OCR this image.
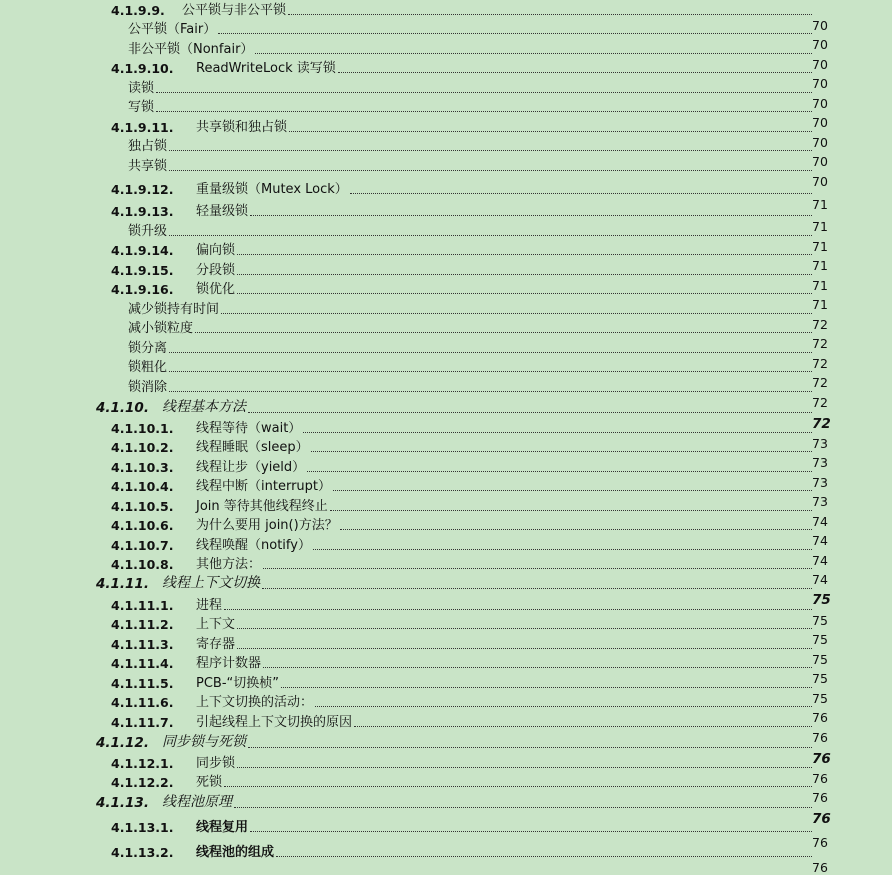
4.1.9.9. 公平锁与非公平锁
70
公平锁（Fair）
70
非公平锁（Nonfair）
70
4.1.9.10. ReadWriteLock 读写锁
70
读锁
70
写锁
70
4.1.9.11. 共享锁和独占锁
70
独占锁
70
共享锁
70
4.1.9.12. 重量级锁（Mutex Lock）
71
4.1.9.13. 轻量级锁
71
锁升级
71
4.1.9.14. 偏向锁
71
4.1.9.15. 分段锁
71
4.1.9.16. 锁优化
71
减少锁持有时间
72
减小锁粒度
72
锁分离
72
锁粗化
72
锁消除
72
4.1.10. 线程基本方法
72
4.1.10.1. 线程等待（wait）
73
4.1.10.2. 线程睡眠（sleep）
73
4.1.10.3. 线程让步（yield）
73
4.1.10.4. 线程中断（interrupt）
73
4.1.10.5. Join 等待其他线程终止
74
4.1.10.6. 为什么要用 join()方法？
74
4.1.10.7. 线程唤醒（notify）
74
4.1.10.8. 其他方法：
74
4.1.11. 线程上下文切换
75
4.1.11.1. 进程
75
4.1.11.2. 上下文
75
4.1.11.3. 寄存器
75
4.1.11.4. 程序计数器
75
4.1.11.5. PCB-“切换桢”
75
4.1.11.6. 上下文切换的活动：
76
4.1.11.7. 引起线程上下文切换的原因
76
4.1.12. 同步锁与死锁
76
4.1.12.1. 同步锁
76
4.1.12.2. 死锁
76
4.1.13. 线程池原理
76
4.1.13.1. 线程复用
76
4.1.13.2. 线程池的组成
76
